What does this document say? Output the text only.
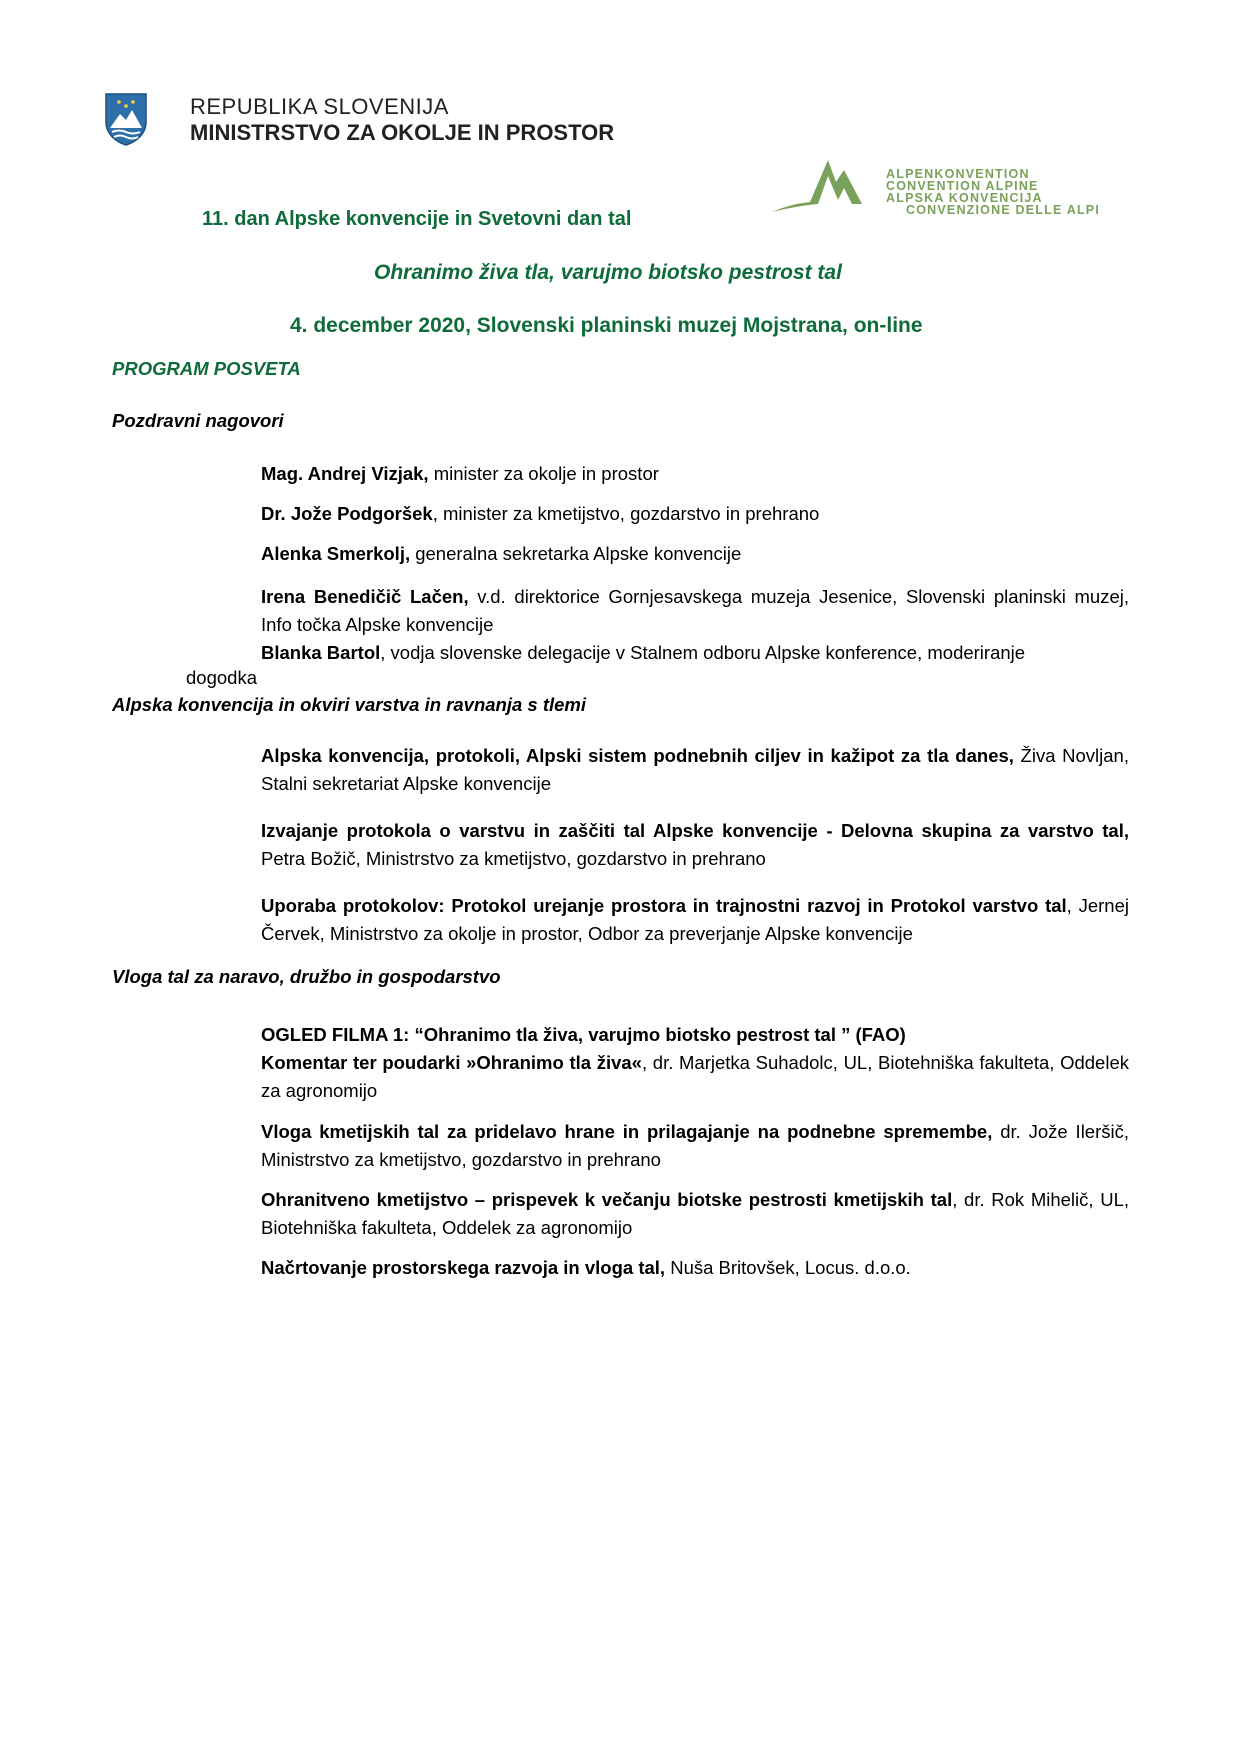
REPUBLIKA SLOVENIJA
MINISTRSTVO ZA OKOLJE IN PROSTOR
ALPENKONVENTION
CONVENTION ALPINE
ALPSKA KONVENCIJA
CONVENZIONE DELLE ALPI
11. dan Alpske konvencije in Svetovni dan tal
Ohranimo živa tla, varujmo biotsko pestrost tal
4. december 2020, Slovenski planinski muzej Mojstrana, on-line
PROGRAM POSVETA
Pozdravni nagovori
Mag. Andrej Vizjak, minister za okolje in prostor
Dr. Jože Podgoršek, minister za kmetijstvo, gozdarstvo in prehrano
Alenka Smerkolj, generalna sekretarka Alpske konvencije
Irena Benedičič Lačen, v.d. direktorice Gornjesavskega muzeja Jesenice, Slovenski planinski muzej, Info točka Alpske konvencije
Blanka Bartol, vodja slovenske delegacije v Stalnem odboru Alpske konference, moderiranje
dogodka
Alpska konvencija in okviri varstva in ravnanja s tlemi
Alpska konvencija, protokoli, Alpski sistem podnebnih ciljev in kažipot za tla danes, Živa Novljan, Stalni sekretariat Alpske konvencije
Izvajanje protokola o varstvu in zaščiti tal Alpske konvencije - Delovna skupina za varstvo tal, Petra Božič, Ministrstvo za kmetijstvo, gozdarstvo in prehrano
Uporaba protokolov: Protokol urejanje prostora in trajnostni razvoj in Protokol varstvo tal, Jernej Červek, Ministrstvo za okolje in prostor, Odbor za preverjanje Alpske konvencije
Vloga tal za naravo, družbo in gospodarstvo
OGLED FILMA 1: “Ohranimo tla živa, varujmo biotsko pestrost tal ” (FAO)
Komentar ter poudarki »Ohranimo tla živa«, dr. Marjetka Suhadolc, UL, Biotehniška fakulteta, Oddelek za agronomijo
Vloga kmetijskih tal za pridelavo hrane in prilagajanje na podnebne spremembe, dr. Jože Ileršič, Ministrstvo za kmetijstvo, gozdarstvo in prehrano
Ohranitveno kmetijstvo – prispevek k večanju biotske pestrosti kmetijskih tal, dr. Rok Mihelič, UL, Biotehniška fakulteta, Oddelek za agronomijo
Načrtovanje prostorskega razvoja in vloga tal, Nuša Britovšek, Locus. d.o.o.
